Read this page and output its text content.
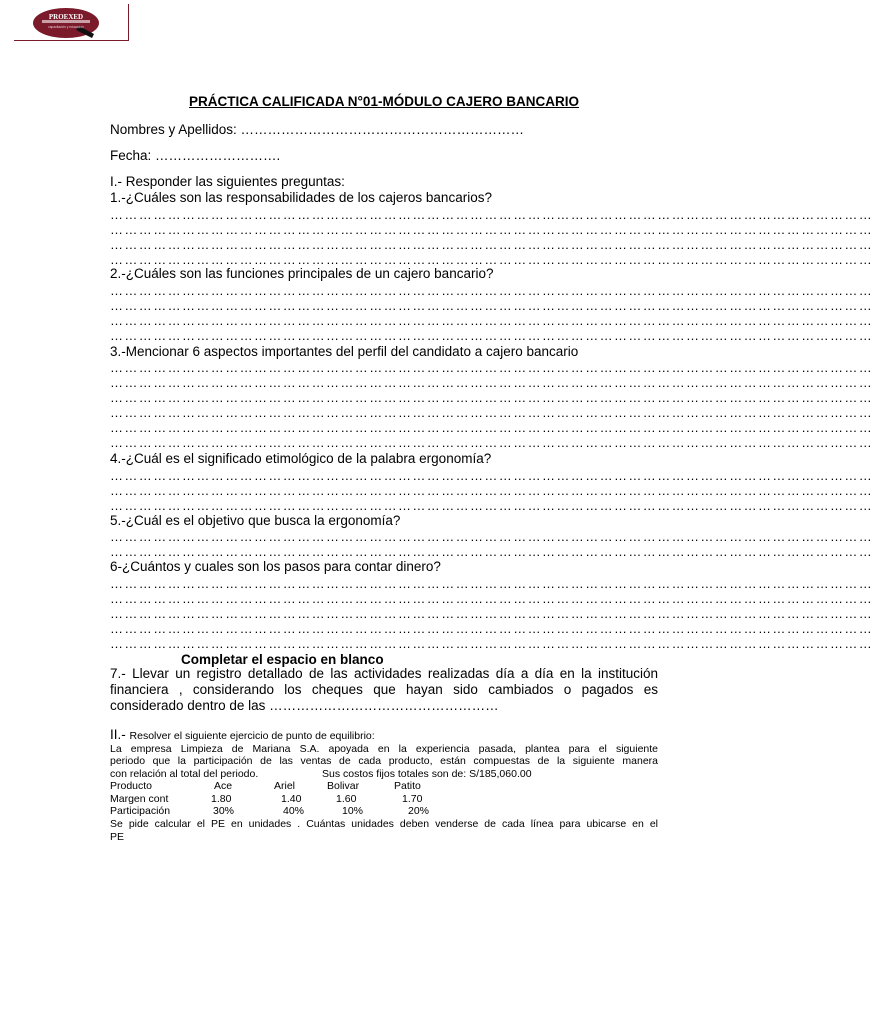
PROEXED
capacitación y educación
PRÁCTICA CALIFICADA N°01-MÓDULO CAJERO BANCARIO
Nombres y Apellidos: ………………………………………………………
Fecha: ……………………….
I.- Responder las siguientes preguntas:
1.-¿Cuáles son las responsabilidades de los cajeros bancarios?
……………………………………………………………………………………………………………………………………………
……………………………………………………………………………………………………………………………………………
……………………………………………………………………………………………………………………………………………
……………………………………………………………………………………………………………………………………………
2.-¿Cuáles son las funciones principales de un cajero bancario?
……………………………………………………………………………………………………………………………………………
……………………………………………………………………………………………………………………………………………
……………………………………………………………………………………………………………………………………………
……………………………………………………………………………………………………………………………………………
3.-Mencionar 6 aspectos importantes del perfil del candidato a cajero bancario
……………………………………………………………………………………………………………………………………………
……………………………………………………………………………………………………………………………………………
……………………………………………………………………………………………………………………………………………
……………………………………………………………………………………………………………………………………………
……………………………………………………………………………………………………………………………………………
……………………………………………………………………………………………………………………………………………
4.-¿Cuál es el significado etimológico de la palabra ergonomía?
……………………………………………………………………………………………………………………………………………
……………………………………………………………………………………………………………………………………………
……………………………………………………………………………………………………………………………………………
5.-¿Cuál es el objetivo que busca la ergonomía?
……………………………………………………………………………………………………………………………………………
……………………………………………………………………………………………………………………………………………
6-¿Cuántos y cuales son los pasos para contar dinero?
……………………………………………………………………………………………………………………………………………
……………………………………………………………………………………………………………………………………………
……………………………………………………………………………………………………………………………………………
……………………………………………………………………………………………………………………………………………
……………………………………………………………………………………………………………………………………………
Completar el espacio en blanco
7.- Llevar un registro detallado de las actividades realizadas día a día en la institución
financiera , considerando los cheques que hayan sido cambiados o pagados es
considerado dentro de las ……………………………………………
II.- Resolver el siguiente ejercicio de punto de equilibrio:
La empresa Limpieza de Mariana S.A. apoyada en la experiencia pasada, plantea para el siguiente
periodo que la participación de las ventas de cada producto, están compuestas de la siguiente manera
con relación al total del periodo.	Sus costos fijos totales son de: S/185,060.00
Producto	Ace	Ariel	Bolivar	Patito
Margen cont	1.80	1.40	1.60	1.70
Participación	30%	40%	10%	20%
Se pide calcular el PE en unidades . Cuántas unidades deben venderse de cada línea para ubicarse en el
PE
